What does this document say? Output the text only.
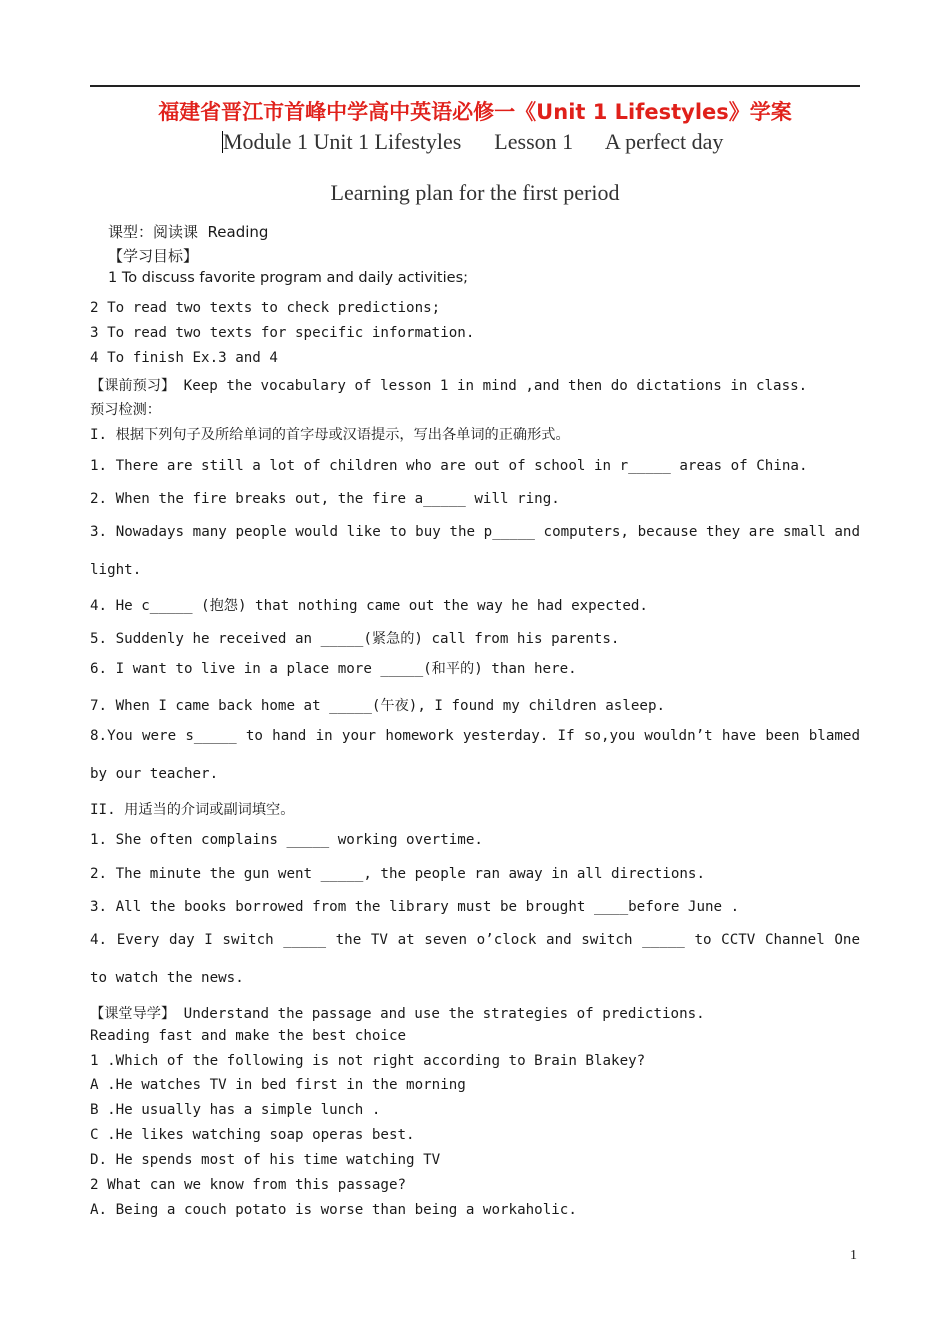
福建省晋江市首峰中学高中英语必修一《Unit 1 Lifestyles》学案
Module 1 Unit 1 Lifestyles      Lesson 1      A perfect day
Learning plan for the first period
课型：阅读课  Reading
【学习目标】
1 To discuss favorite program and daily activities;
2 To read two texts to check predictions;
3 To read two texts for specific information.
4 To finish Ex.3 and 4
【课前预习】 Keep the vocabulary of lesson 1 in mind ,and then do dictations in class.
预习检测：
I. 根据下列句子及所给单词的首字母或汉语提示，写出各单词的正确形式。
1. There are still a lot of children who are out of school in r_____ areas of China.
2. When the fire breaks out, the fire a_____ will ring.
3. Nowadays many people would like to buy the p_____ computers, because they are small and
light.
4. He c_____ (抱怨) that nothing came out the way he had expected.
5. Suddenly he received an _____(紧急的) call from his parents.
6. I want to live in a place more _____(和平的) than here.
7. When I came back home at _____(午夜), I found my children asleep.
8.You were s_____ to hand in your homework yesterday. If so,you wouldn’t have been blamed
by our teacher.
II. 用适当的介词或副词填空。
1. She often complains _____ working overtime.
2. The minute the gun went _____, the people ran away in all directions.
3. All the books borrowed from the library must be brought ____before June .
4. Every day I switch _____ the TV at seven o’clock and switch _____ to CCTV Channel One
to watch the news.
【课堂导学】 Understand the passage and use the strategies of predictions.
Reading fast and make the best choice
1 .Which of the following is not right according to Brain Blakey?
A .He watches TV in bed first in the morning
B .He usually has a simple lunch .
C .He likes watching soap operas best.
D. He spends most of his time watching TV
2 What can we know from this passage?
A. Being a couch potato is worse than being a workaholic.
1
